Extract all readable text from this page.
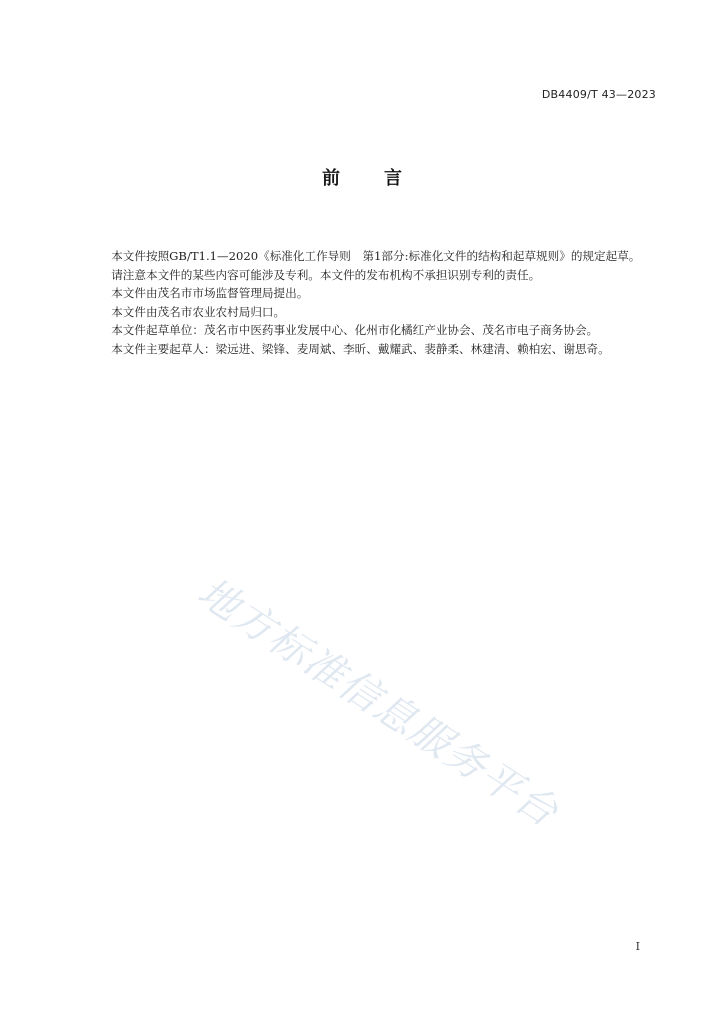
DB4409/T 43—2023
前 言

本文件按照GB/T1.1—2020《标准化工作导则　第1部分:标准化文件的结构和起草规则》的规定起草。

请注意本文件的某些内容可能涉及专利。本文件的发布机构不承担识别专利的责任。

本文件由茂名市市场监督管理局提出。

本文件由茂名市农业农村局归口。

本文件起草单位：茂名市中医药事业发展中心、化州市化橘红产业协会、茂名市电子商务协会。

本文件主要起草人：梁远进、梁锋、麦周斌、李昕、戴耀武、裴静柔、林建清、赖柏宏、谢思奇。

地方标准信息服务平台
I
